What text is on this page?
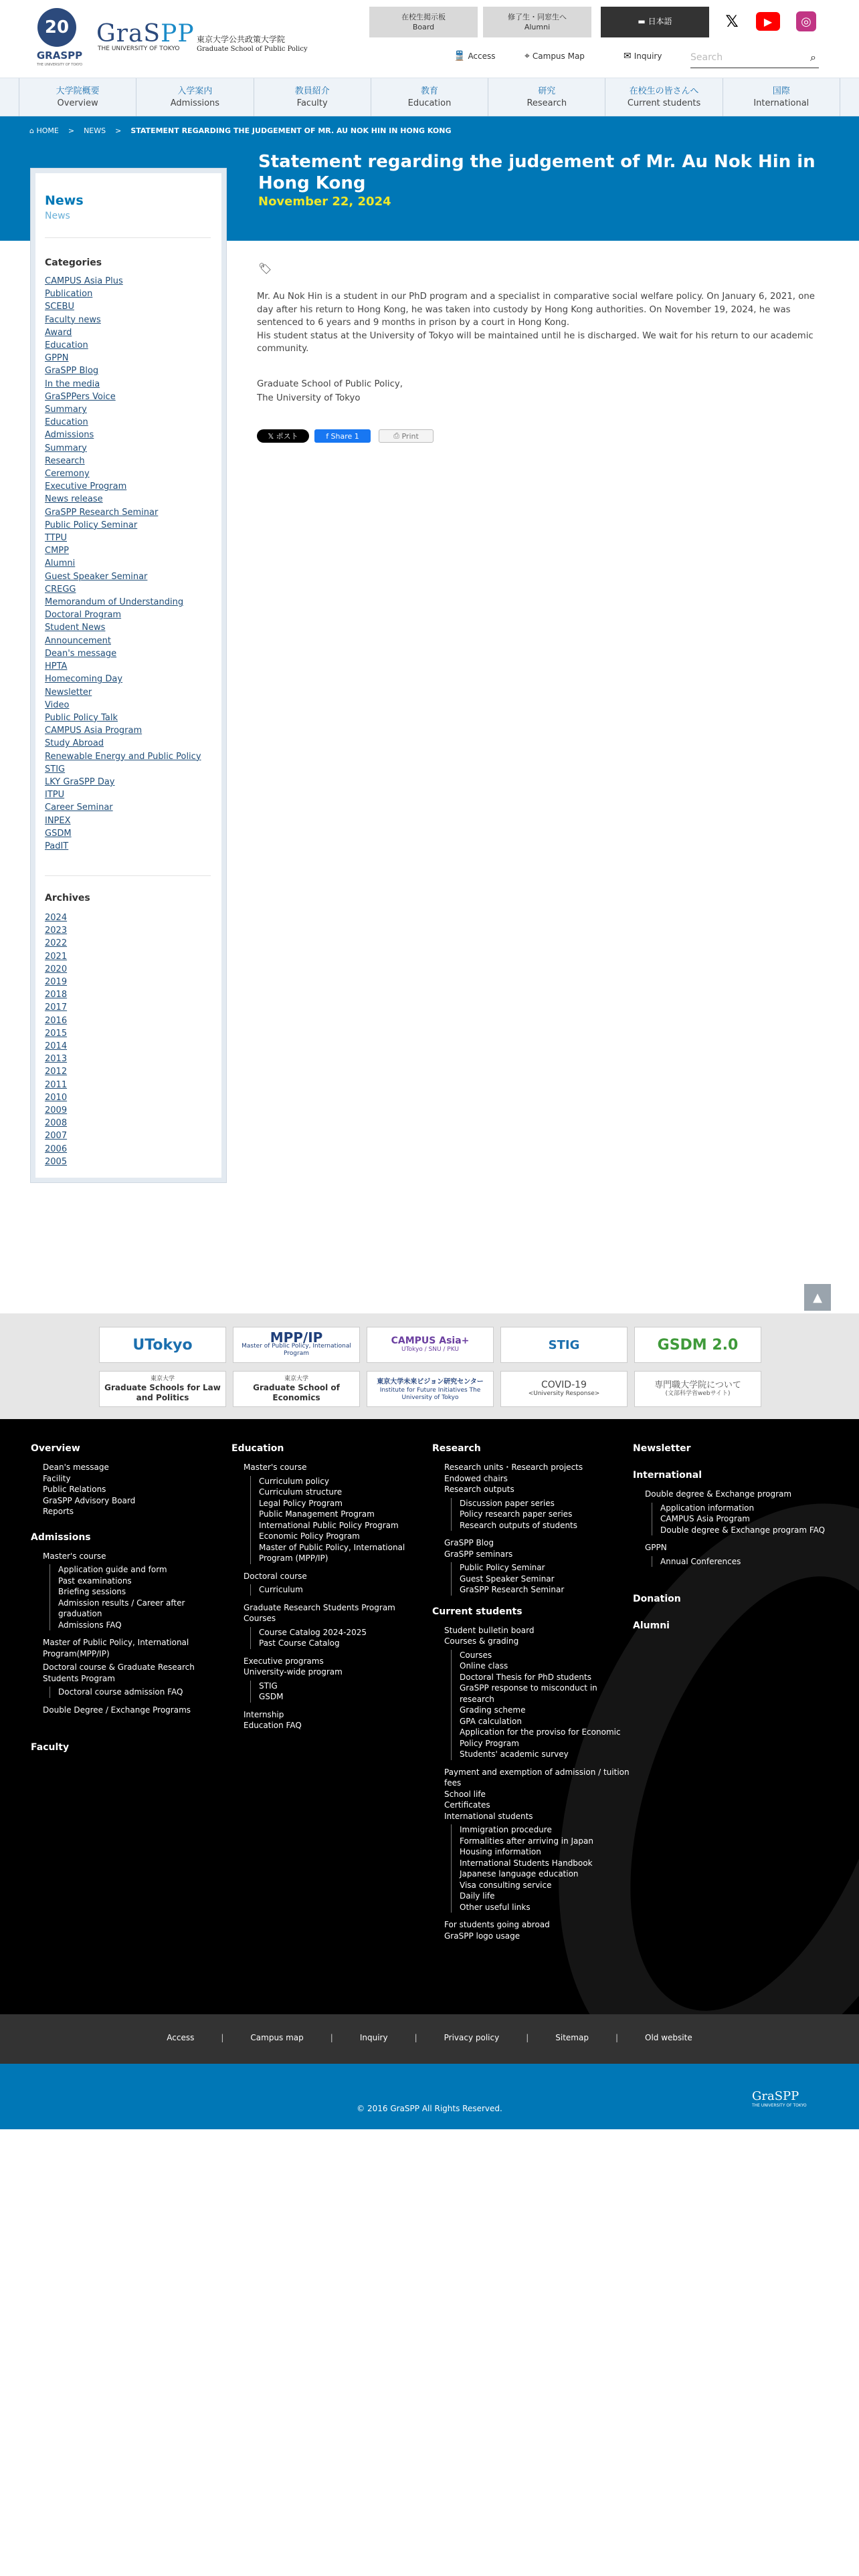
20
GRASPP
THE UNIVERSITY OF TOKYO
GraSPP
THE UNIVERSITY OF TOKYO
東京大学公共政策大学院
Graduate School of Public Policy
在校生掲示板
Board
修了生・同窓生へ
Alumni
▬ 日本語	𝕏	▶	◎
🚆 Access	⌖ Campus Map	✉ Inquiry
Search	⌕
大学院概要
Overview
入学案内
Admissions
教員紹介
Faculty
教育
Education
研究
Research
在校生の皆さんへ
Current students
国際
International
⌂ HOME > NEWS > STATEMENT REGARDING THE JUDGEMENT OF MR. AU NOK HIN IN HONG KONG
Statement regarding the judgement of Mr. Au Nok Hin in Hong Kong
November 22, 2024
News
News
Categories
CAMPUS Asia Plus
Publication
SCEBU
Faculty news
Award
Education
GPPN
GraSPP Blog
In the media
GraSPPers Voice
Summary
Education
Admissions
Summary
Research
Ceremony
Executive Program
News release
GraSPP Research Seminar
Public Policy Seminar
TTPU
CMPP
Alumni
Guest Speaker Seminar
CREGG
Memorandum of Understanding
Doctoral Program
Student News
Announcement
Dean's message
HPTA
Homecoming Day
Newsletter
Video
Public Policy Talk
CAMPUS Asia Program
Study Abroad
Renewable Energy and Public Policy
STIG
LKY GraSPP Day
ITPU
Career Seminar
INPEX
GSDM
PadIT
Archives
2024
2023
2022
2021
2020
2019
2018
2017
2016
2015
2014
2013
2012
2011
2010
2009
2008
2007
2006
2005
🏷

Mr. Au Nok Hin is a student in our PhD program and a specialist in comparative social welfare policy. On January 6, 2021, one day after his return to Hong Kong, he was taken into custody by Hong Kong authorities. On November 19, 2024, he was sentenced to 6 years and 9 months in prison by a court in Hong Kong.

His student status at the University of Tokyo will be maintained until he is discharged. We wait for his return to our academic community.

Graduate School of Public Policy,
The University of Tokyo
𝕏 ポスト	f Share 1	⎙ Print
▲
UTokyo	MPP/IP
Master of Public Policy, International Program
CAMPUS Asia+
UTokyo / SNU / PKU	STIG	GSDM 2.0
東京大学
Graduate Schools for Law and Politics
東京大学
Graduate School of Economics
東京大学未来ビジョン研究センター
Institute for Future Initiatives The University of Tokyo
COVID-19
<University Response>
専門職大学院について
(文部科学省webサイト)
Overview
Dean's message
Facility
Public Relations
GraSPP Advisory Board
Reports
Admissions
Master's course
Application guide and form
Past examinations
Briefing sessions
Admission results / Career after graduation
Admissions FAQ
Master of Public Policy, International Program(MPP/IP)
Doctoral course & Graduate Research Students Program
Doctoral course admission FAQ
Double Degree / Exchange Programs
Faculty
Education
Master's course
Curriculum policy
Curriculum structure
Legal Policy Program
Public Management Program
International Public Policy Program
Economic Policy Program
Master of Public Policy, International Program (MPP/IP)
Doctoral course
Curriculum
Graduate Research Students Program
Courses
Course Catalog 2024-2025
Past Course Catalog
Executive programs
University-wide program
STIG
GSDM
Internship
Education FAQ
Research
Research units・Research projects
Endowed chairs
Research outputs
Discussion paper series
Policy research paper series
Research outputs of students
GraSPP Blog
GraSPP seminars
Public Policy Seminar
Guest Speaker Seminar
GraSPP Research Seminar
Current students
Student bulletin board
Courses & grading
Courses
Online class
Doctoral Thesis for PhD students
GraSPP response to misconduct in research
Grading scheme
GPA calculation
Application for the proviso for Economic Policy Program
Students' academic survey
Payment and exemption of admission / tuition fees
School life
Certificates
International students
Immigration procedure
Formalities after arriving in Japan
Housing information
International Students Handbook
Japanese language education
Visa consulting service
Daily life
Other useful links
For students going abroad
GraSPP logo usage
Newsletter
International
Double degree & Exchange program
Application information
CAMPUS Asia Program
Double degree & Exchange program FAQ
GPPN
Annual Conferences
Donation
Alumni
Access	|	Campus map	|	Inquiry	|	Privacy policy	|	Sitemap	|	Old website
© 2016 GraSPP All Rights Reserved.
GraSPP
THE UNIVERSITY OF TOKYO
